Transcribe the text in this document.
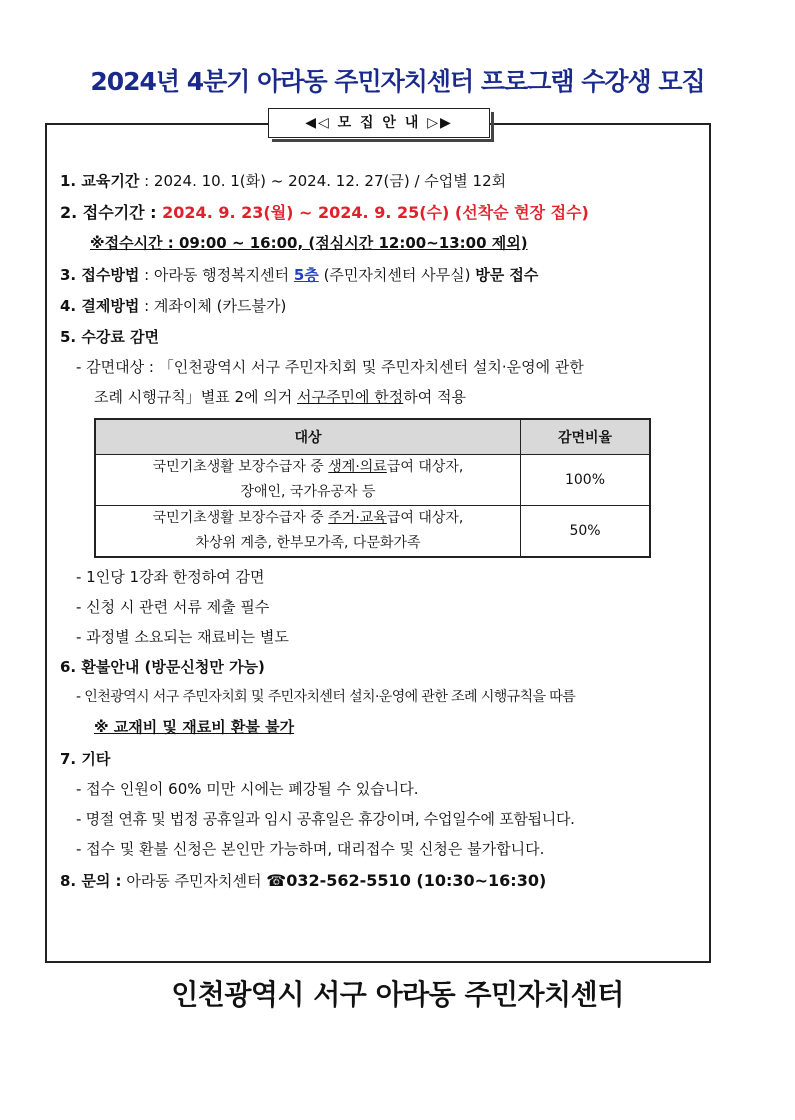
2024년 4분기 아라동 주민자치센터 프로그램 수강생 모집
◀◁ 모 집 안 내 ▷▶
1. 교육기간 : 2024. 10. 1(화) ~ 2024. 12. 27(금) / 수업별 12회
2. 접수기간 : 2024. 9. 23(월) ~ 2024. 9. 25(수) (선착순 현장 접수)
※접수시간 : 09:00 ~ 16:00, (점심시간 12:00~13:00 제외)
3. 접수방법 : 아라동 행정복지센터 5층 (주민자치센터 사무실) 방문 접수
4. 결제방법 : 계좌이체 (카드불가)
5. 수강료 감면
- 감면대상 : 「인천광역시 서구 주민자치회 및 주민자치센터 설치·운영에 관한
조례 시행규칙」별표 2에 의거 서구주민에 한정하여 적용
대상	감면비율
국민기초생활 보장수급자 중 생계·의료급여 대상자,
장애인, 국가유공자 등	100%
국민기초생활 보장수급자 중 주거·교육급여 대상자,
차상위 계층, 한부모가족, 다문화가족	50%
- 1인당 1강좌 한정하여 감면
- 신청 시 관련 서류 제출 필수
- 과정별 소요되는 재료비는 별도
6. 환불안내 (방문신청만 가능)
- 인천광역시 서구 주민자치회 및 주민자치센터 설치·운영에 관한 조례 시행규칙을 따름
※ 교재비 및 재료비 환불 불가
7. 기타
- 접수 인원이 60% 미만 시에는 폐강될 수 있습니다.
- 명절 연휴 및 법정 공휴일과 임시 공휴일은 휴강이며, 수업일수에 포함됩니다.
- 접수 및 환불 신청은 본인만 가능하며, 대리접수 및 신청은 불가합니다.
8. 문의 : 아라동 주민자치센터 ☎032-562-5510 (10:30~16:30)
인천광역시 서구 아라동 주민자치센터
